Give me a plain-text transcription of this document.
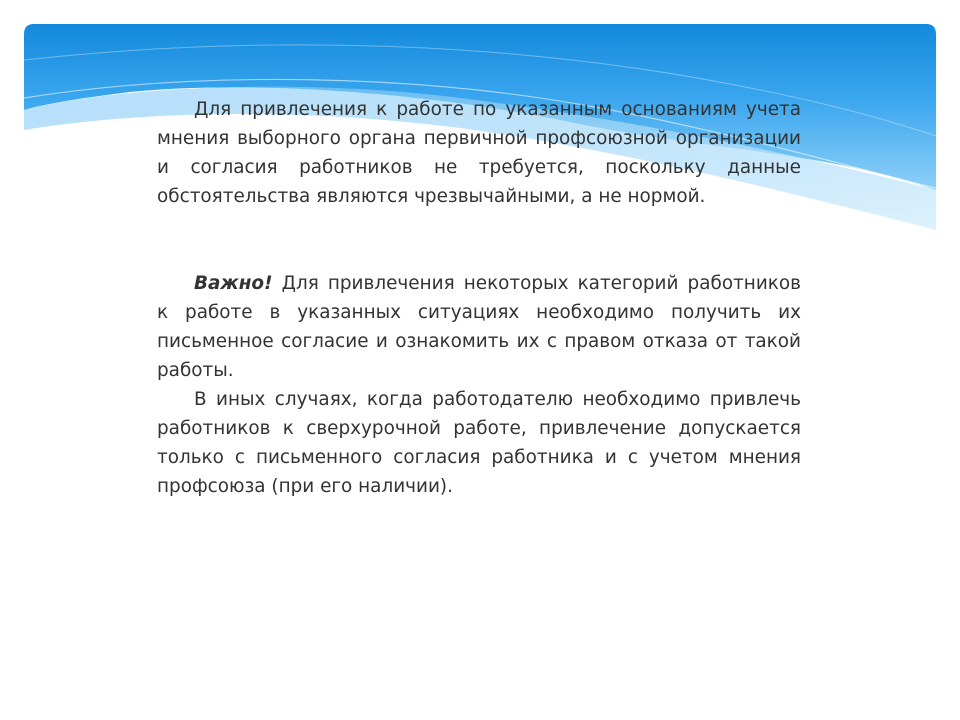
Для привлечения к работе по указанным основаниям учета мнения выборного органа первичной профсоюзной организации и согласия работников не требуется, поскольку данные обстоятельства являются чрезвычайными, а не нормой.

Важно! Для привлечения некоторых категорий работников к работе в указанных ситуациях необходимо получить их письменное согласие и ознакомить их с правом отказа от такой работы.

В иных случаях, когда работодателю необходимо привлечь работников к сверхурочной работе, привлечение допускается только с письменного согласия работника и с учетом мнения профсоюза (при его наличии).
